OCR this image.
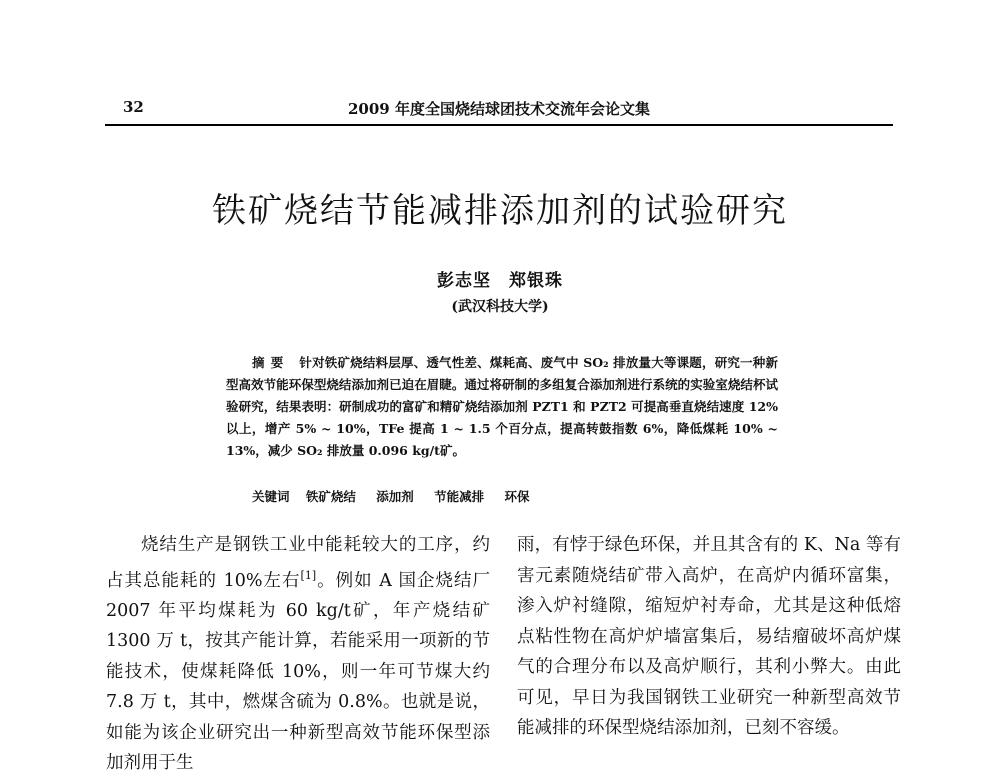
32	2009 年度全国烧结球团技术交流年会论文集
铁矿烧结节能减排添加剂的试验研究
彭志坚　郑银珠
(武汉科技大学)
摘要 针对铁矿烧结料层厚、透气性差、煤耗高、废气中 SO₂ 排放量大等课题，研究一种新型高效节能环保型烧结添加剂已迫在眉睫。通过将研制的多组复合添加剂进行系统的实验室烧结杯试验研究，结果表明：研制成功的富矿和精矿烧结添加剂 PZT1 和 PZT2 可提高垂直烧结速度 12%以上，增产 5% ~ 10%，TFe 提高 1 ~ 1.5 个百分点，提高转鼓指数 6%，降低煤耗 10% ~ 13%，减少 SO₂ 排放量 0.096 kg/t矿。
关键词 铁矿烧结 添加剂 节能减排 环保

烧结生产是钢铁工业中能耗较大的工序，约占其总能耗的 10%左右[1]。例如 A 国企烧结厂 2007 年平均煤耗为 60 kg/t矿，年产烧结矿 1300 万 t，按其产能计算，若能采用一项新的节能技术，使煤耗降低 10%，则一年可节煤大约 7.8 万 t，其中，燃煤含硫为 0.8%。也就是说，如能为该企业研究出一种新型高效节能环保型添加剂用于生

雨，有悖于绿色环保，并且其含有的 K、Na 等有害元素随烧结矿带入高炉，在高炉内循环富集，渗入炉衬缝隙，缩短炉衬寿命，尤其是这种低熔点粘性物在高炉炉墙富集后，易结瘤破坏高炉煤气的合理分布以及高炉顺行，其利小弊大。由此可见，早日为我国钢铁工业研究一种新型高效节能减排的环保型烧结添加剂，已刻不容缓。
